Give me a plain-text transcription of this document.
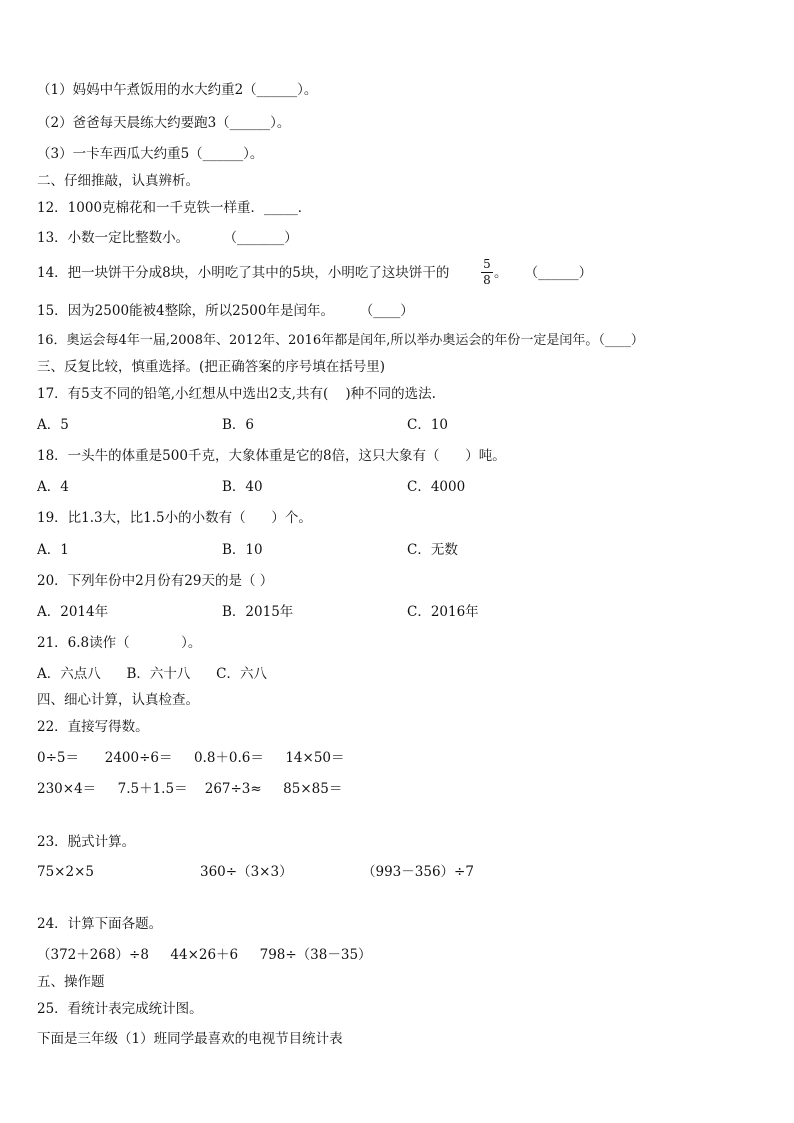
（1）妈妈中午煮饭用的水大约重2（______）。
（2）爸爸每天晨练大约要跑3（______）。
（3）一卡车西瓜大约重5（______）。
二、仔细推敲，认真辨析。
12．1000克棉花和一千克铁一样重．_____．
13．小数一定比整数小。        （_______）
14．把一块饼干分成8块，小明吃了其中的5块，小明吃了这块饼干的
5
8 。    （______）
15．因为2500能被4整除，所以2500年是闰年。      （____）
16．奥运会每4年一届,2008年、2012年、2016年都是闰年,所以举办奥运会的年份一定是闰年。（____）
三、反复比较，慎重选择。(把正确答案的序号填在括号里)
17．有5支不同的铅笔,小红想从中选出2支,共有(    )种不同的选法.
A．5	B．6	C．10
18．一头牛的体重是500千克，大象体重是它的8倍，这只大象有（      ）吨。
A．4	B．40	C．4000
19．比1.3大，比1.5小的小数有（      ）个。
A．1	B．10	C．无数
20．下列年份中2月份有29天的是（ ）
A．2014年	B．2015年	C．2016年
21．6.8读作（            ）。
A．六点八      B．六十八      C．六八
四、细心计算，认真检查。
22．直接写得数。
0÷5＝      2400÷6＝     0.8＋0.6＝     14×50＝
230×4＝     7.5＋1.5＝    267÷3≈     85×85＝
23．脱式计算。
75×2×5	360÷（3×3）	（993－356）÷7
24．计算下面各题。
（372＋268）÷8     44×26＋6     798÷（38－35）
五、操作题
25．看统计表完成统计图。
下面是三年级（1）班同学最喜欢的电视节目统计表
